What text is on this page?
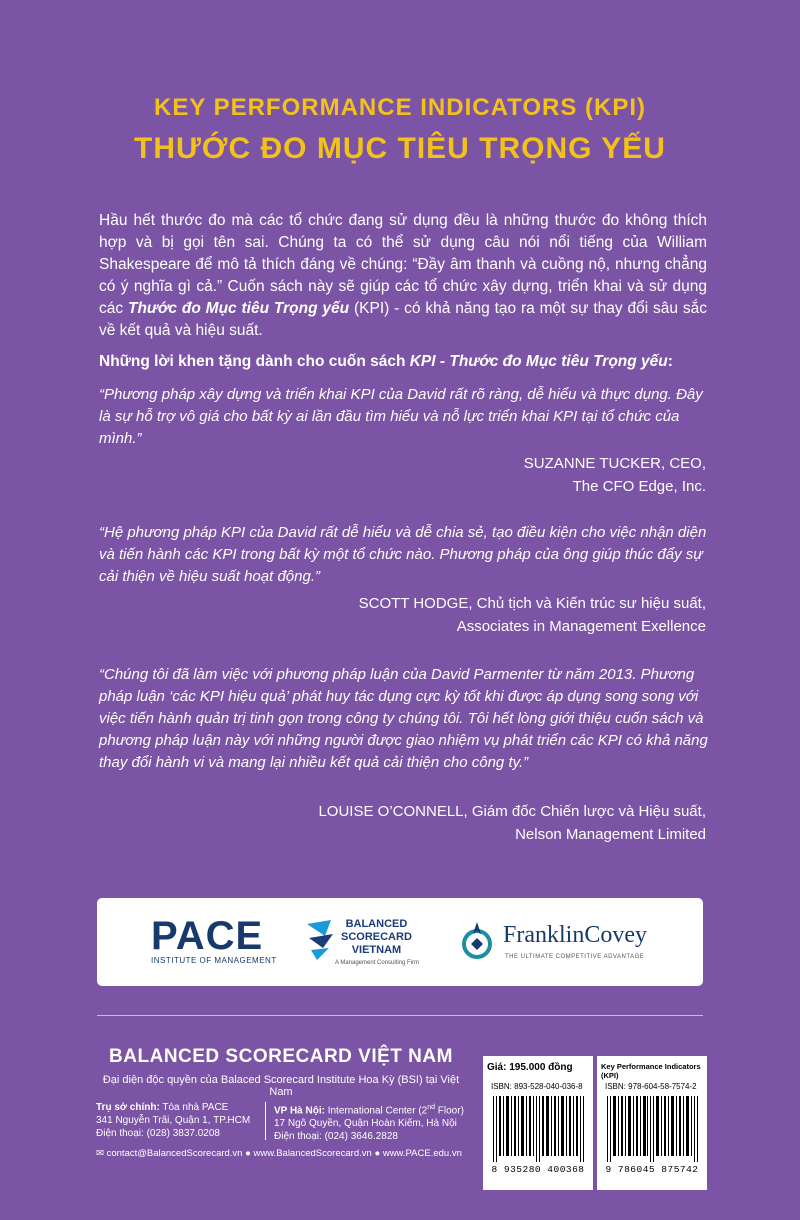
KEY PERFORMANCE INDICATORS (KPI)
THƯỚC ĐO MỤC TIÊU TRỌNG YẾU
Hầu hết thước đo mà các tổ chức đang sử dụng đều là những thước đo không thích hợp và bị gọi tên sai. Chúng ta có thể sử dụng câu nói nổi tiếng của William Shakespeare để mô tả thích đáng về chúng: “Đầy âm thanh và cuồng nộ, nhưng chẳng có ý nghĩa gì cả.” Cuốn sách này sẽ giúp các tổ chức xây dựng, triển khai và sử dụng các Thước đo Mục tiêu Trọng yếu (KPI) - có khả năng tạo ra một sự thay đổi sâu sắc về kết quả và hiệu suất.
Những lời khen tặng dành cho cuốn sách KPI - Thước đo Mục tiêu Trọng yếu:
“Phương pháp xây dựng và triển khai KPI của David rất rõ ràng, dễ hiểu và thực dụng. Đây là sự hỗ trợ vô giá cho bất kỳ ai lần đầu tìm hiểu và nỗ lực triển khai KPI tại tổ chức của mình.”
SUZANNE TUCKER, CEO,
The CFO Edge, Inc.
“Hệ phương pháp KPI của David rất dễ hiểu và dễ chia sẻ, tạo điều kiện cho việc nhận diện và tiến hành các KPI trong bất kỳ một tổ chức nào. Phương pháp của ông giúp thúc đẩy sự cải thiện về hiệu suất hoạt động.”
SCOTT HODGE, Chủ tịch và Kiến trúc sư hiệu suất,
Associates in Management Exellence
“Chúng tôi đã làm việc với phương pháp luận của David Parmenter từ năm 2013. Phương pháp luận ‘các KPI hiệu quả’ phát huy tác dụng cực kỳ tốt khi được áp dụng song song với việc tiến hành quản trị tinh gọn trong công ty chúng tôi. Tôi hết lòng giới thiệu cuốn sách và phương pháp luận này với những người được giao nhiệm vụ phát triển các KPI có khả năng thay đổi hành vi và mang lại nhiều kết quả cải thiện cho công ty.”
LOUISE O’CONNELL, Giám đốc Chiến lược và Hiệu suất,
Nelson Management Limited
PACE
INSTITUTE OF MANAGEMENT
BALANCED
SCORECARD
VIETNAM
A Management Consulting Firm
FranklinCovey
THE ULTIMATE COMPETITIVE ADVANTAGE
BALANCED SCORECARD VIỆT NAM
Đại diện độc quyền của Balaced Scorecard Institute Hoa Kỳ (BSI) tại Việt Nam
Trụ sở chính: Tòa nhà PACE
341 Nguyễn Trãi, Quận 1, TP.HCM
Điện thoại: (028) 3837.0208
VP Hà Nội: International Center (2nd Floor)
17 Ngô Quyền, Quận Hoàn Kiếm, Hà Nội
Điện thoại: (024) 3646.2828
✉ contact@BalancedScorecard.vn ● www.BalancedScorecard.vn ● www.PACE.edu.vn
Giá: 195.000 đồng
ISBN: 893-528-040-036-8
8 935280 400368
Key Performance Indicators (KPI)
ISBN: 978-604-58-7574-2
9 786045 875742
